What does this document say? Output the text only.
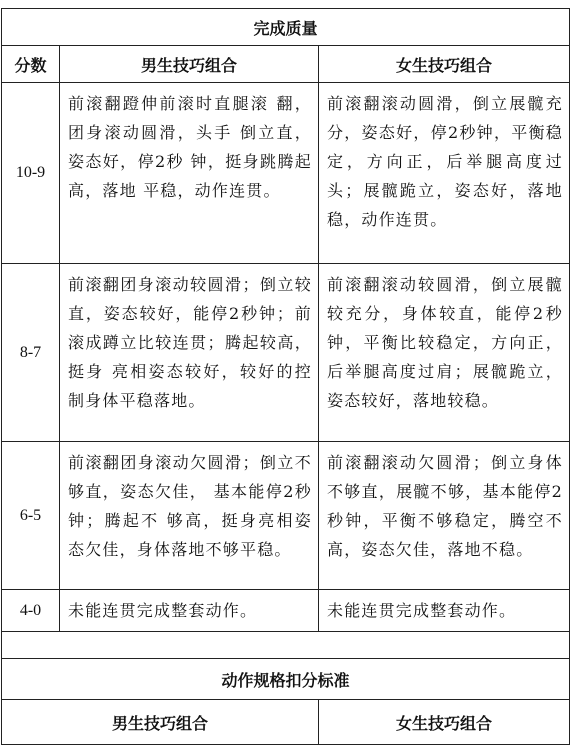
完成质量		
分数	男生技巧组合	女生技巧组合
10-9	前滚翻蹬伸前滚时直腿滚 翻，团身滚动圆滑，头手 倒立直，姿态好，停2秒 钟，挺身跳腾起高，落地 平稳，动作连贯。	前滚翻滚动圆滑，倒立展髋充分，姿态好，停2秒钟，平衡稳定，方向正，后举腿高度过头；展髋跪立，姿态好，落地稳，动作连贯。
8-7	前滚翻团身滚动较圆滑；倒立较直，姿态较好，能停2秒钟；前滚成蹲立比较连贯；腾起较高，挺身 亮相姿态较好，较好的控 制身体平稳落地。	前滚翻滚动较圆滑，倒立展髋较充分，身体较直，能停2秒钟，平衡比较稳定，方向正，后举腿高度过肩；展髋跪立，姿态较好，落地较稳。
6-5	前滚翻团身滚动欠圆滑；倒立不够直，姿态欠佳， 基本能停2秒钟；腾起不 够高，挺身亮相姿态欠佳，身体落地不够平稳。	前滚翻滚动欠圆滑；倒立身体不够直，展髋不够，基本能停2秒钟，平衡不够稳定，腾空不高，姿态欠佳，落地不稳。
4-0	未能连贯完成整套动作。	未能连贯完成整套动作。

动作规格扣分标准		
男生技巧组合		女生技巧组合
